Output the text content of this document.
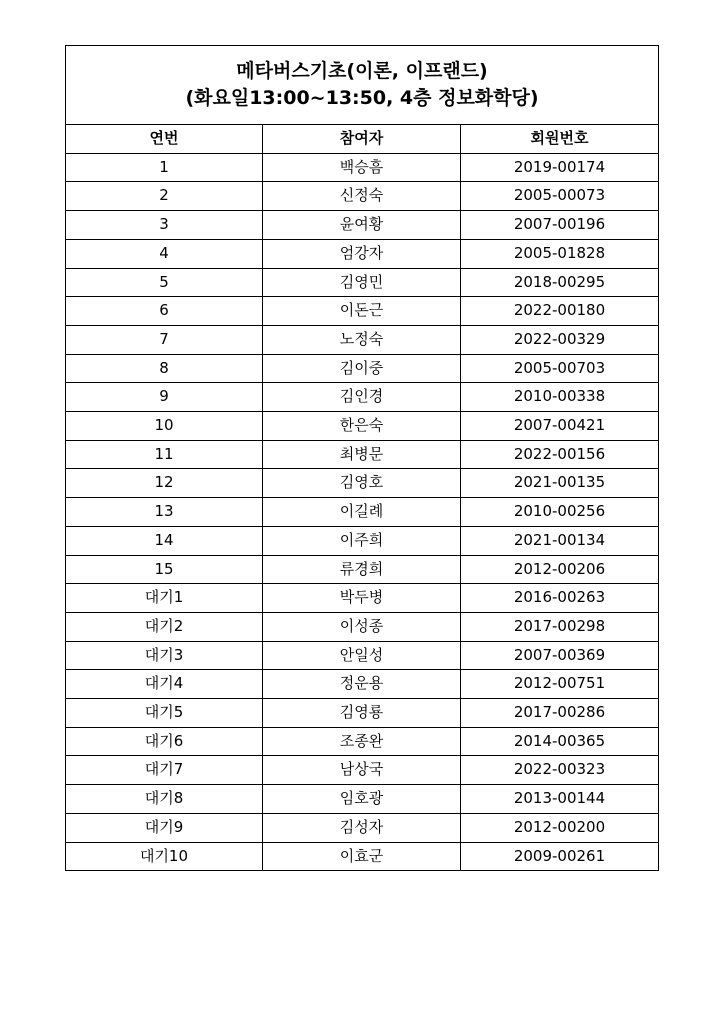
메타버스기초(이론, 이프랜드)
(화요일13:00~13:50, 4층 정보화학당)		

연번	참여자	회원번호
1	백승흠	2019-00174
2	신정숙	2005-00073
3	윤여황	2007-00196
4	엄강자	2005-01828
5	김영민	2018-00295
6	이돈근	2022-00180
7	노정숙	2022-00329
8	김이중	2005-00703
9	김인경	2010-00338
10	한은숙	2007-00421
11	최병문	2022-00156
12	김영호	2021-00135
13	이길례	2010-00256
14	이주희	2021-00134
15	류경희	2012-00206
대기1	박두병	2016-00263
대기2	이성종	2017-00298
대기3	안일성	2007-00369
대기4	정운용	2012-00751
대기5	김영룡	2017-00286
대기6	조종완	2014-00365
대기7	남상국	2022-00323
대기8	임호광	2013-00144
대기9	김성자	2012-00200
대기10	이효군	2009-00261
